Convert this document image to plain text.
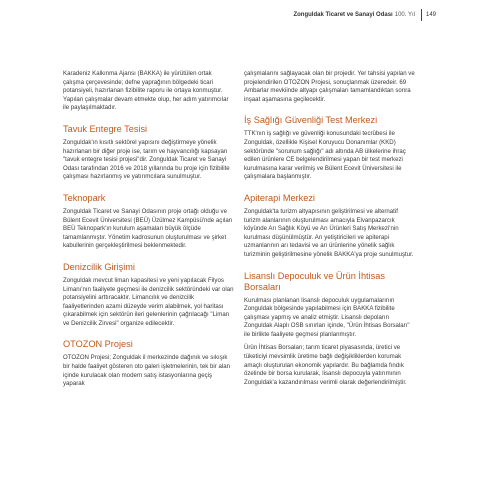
Zonguldak Ticaret ve Sanayi Odası 100. Yıl 149

Karadeniz Kalkınma Ajansı (BAKKA) ile yürütülen ortak çalışma çerçevesinde; defne yaprağının bölgedeki ticari potansiyeli, hazırlanan fizibilite raporu ile ortaya konmuştur. Yapılan çalışmalar devam etmekte olup, her adım yatırımcılar ile paylaşılmaktadır.

Tavuk Entegre Tesisi

Zonguldak'ın kısıtlı sektörel yapısını değiştirmeye yönelik hazırlanan bir diğer proje ise, tarım ve hayvancılığı kapsayan "tavuk entegre tesisi projesi"dir. Zonguldak Ticaret ve Sanayi Odası tarafından 2016 ve 2018 yıllarında bu proje için fizibilite çalışması hazırlanmış ve yatırımcılara sunulmuştur.

Teknopark

Zonguldak Ticaret ve Sanayi Odasının proje ortağı olduğu ve Bülent Ecevit Üniversitesi (BEÜ) Üzülmez Kampüsü'nde açılan BEÜ Teknopark'ın kurulum aşamaları büyük ölçüde tamamlanmıştır. Yönetim kadrosunun oluşturulması ve şirket kabullerinin gerçekleştirilmesi beklenmektedir.

Denizcilik Girişimi

Zonguldak mevcut liman kapasitesi ve yeni yapılacak Filyos Limanı'nın faaliyete geçmesi ile denizcilik sektöründeki var olan potansiyelini arttıracaktır. Limancılık ve denizcilik faaliyetlerinden azami düzeyde verim alabilmek, yol haritası çıkarabilmek için sektörün ileri gelenlerinin çağrılacağı "Liman ve Denizcilik Zirvesi" organize edilecektir.

OTOZON Projesi

OTOZON Projesi; Zonguldak il merkezinde dağınık ve sıkışık bir halde faaliyet gösteren oto galeri işletmelerinin, tek bir alan içinde kurulacak olan modern satış istasyonlarına geçiş yaparak

çalışmalarını sağlayacak olan bir projedir. Yer tahsisi yapılan ve projelendirilen OTOZON Projesi, sonuçlanmak üzeredeir. 69 Ambarlar mevkiinde altyapı çalışmaları tamamlandıktan sonra inşaat aşamasına geçilecektir.

İş Sağlığı Güvenliği Test Merkezi

TTK'nın iş sağlığı ve güvenliği konusundaki tecrübesi ile Zonguldak, özellikle Kişisel Koruyucu Donanımlar (KKD) sektöründe "sorunum sağlığı" adı altında AB ülkelerine ihraç edilen ürünlere CE belgelendirilmesi yapan bir test merkezi kurulmasına karar verilmiş ve Bülent Ecevit Üniversitesi ile çalışmalara başlanmıştır.

Apiterapi Merkezi

Zonguldak'ta turizm altyapısının geliştirilmesi ve alternatif turizm alanlarının oluşturulması amacıyla Elvanpazarcık köyünde Arı Sağlık Köyü ve Arı Ürünleri Satış Merkezi'nin kurulması düşünülmüştür. Arı yetiştiricileri ve apiterapi uzmanlarının arı tedavisi ve arı ürünlerine yönelik sağlık turizminin geliştirilmesine yönelik BAKKA'ya proje sunulmuştur.

Lisanslı Depoculuk ve Ürün İhtisas Borsaları

Kurulması planlanan lisanslı depoculuk uygulamalarının Zonguldak bölgesinde yapılabilmesi için BAKKA fizibilite çalışması yapmış ve analiz etmiştir. Lisanslı depoların Zonguldak Alaplı OSB sınırları içinde, "Ürün İhtisas Borsaları" ile birlikte faaliyete geçmesi planlanmıştır.

Ürün İhtisas Borsaları; tarım ticaret piyasasında, üretici ve tüketiciyi mevsimlik üretime bağlı değişikliklerden korumak amaçlı oluşturulan ekonomik yapılardır. Bu bağlamda fındık özelinde bir borsa kurularak, lisanslı depocuyla yatırımının Zonguldak'a kazandırılması verimli olarak değerlendirilmiştir.
